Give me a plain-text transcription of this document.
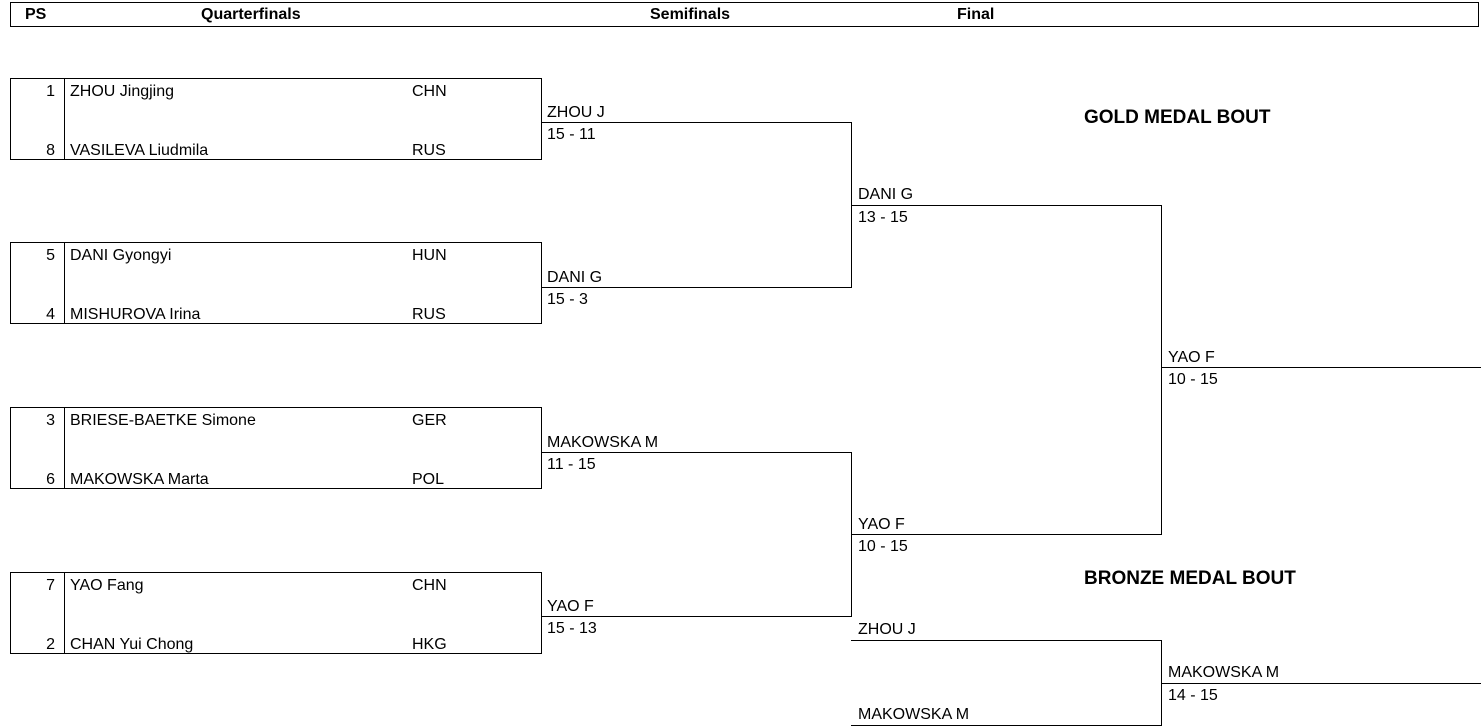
PS	Quarterfinals	Semifinals	Final
1 ZHOU Jingjing	CHN
8 VASILEVA Liudmila	RUS
5 DANI Gyongyi	HUN
4 MISHUROVA Irina	RUS
3 BRIESE-BAETKE Simone	GER
6 MAKOWSKA Marta	POL
7 YAO Fang	CHN
2 CHAN Yui Chong	HKG
ZHOU J
15 - 11
DANI G
15 - 3
MAKOWSKA M
11 - 15
YAO F
15 - 13
DANI G
13 - 15
YAO F
10 - 15
YAO F
10 - 15
GOLD MEDAL BOUT
BRONZE MEDAL BOUT
ZHOU J
MAKOWSKA M
MAKOWSKA M
14 - 15
